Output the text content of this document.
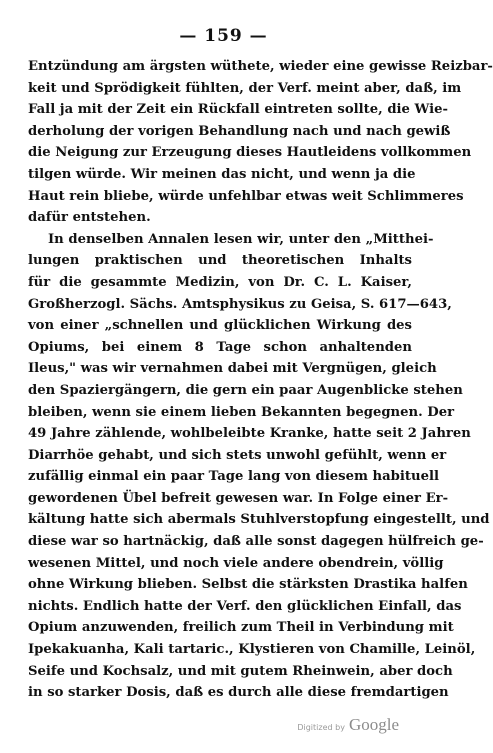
— 159 —
Entzündung am ärgsten wüthete, wieder eine gewisse Reizbar-
keit und Sprödigkeit fühlten, der Verf. meint aber, daß, im
Fall ja mit der Zeit ein Rückfall eintreten sollte, die Wie-
derholung der vorigen Behandlung nach und nach gewiß
die Neigung zur Erzeugung dieses Hautleidens vollkommen
tilgen würde. Wir meinen das nicht, und wenn ja die
Haut rein bliebe, würde unfehlbar etwas weit Schlimmeres
dafür entstehen.
In denselben Annalen lesen wir, unter den „Mitthei-
lungen praktischen und theoretischen Inhalts
für die gesammte Medizin, von Dr. C. L. Kaiser,
Großherzogl. Sächs. Amtsphysikus zu Geisa, S. 617—643,
von einer „schnellen und glücklichen Wirkung des
Opiums, bei einem 8 Tage schon anhaltenden
Ileus," was wir vernahmen dabei mit Vergnügen, gleich
den Spaziergängern, die gern ein paar Augenblicke stehen
bleiben, wenn sie einem lieben Bekannten begegnen. Der
49 Jahre zählende, wohlbeleibte Kranke, hatte seit 2 Jahren
Diarrhöe gehabt, und sich stets unwohl gefühlt, wenn er
zufällig einmal ein paar Tage lang von diesem habituell
gewordenen Übel befreit gewesen war. In Folge einer Er-
kältung hatte sich abermals Stuhlverstopfung eingestellt, und
diese war so hartnäckig, daß alle sonst dagegen hülfreich ge-
wesenen Mittel, und noch viele andere obendrein, völlig
ohne Wirkung blieben. Selbst die stärksten Drastika halfen
nichts. Endlich hatte der Verf. den glücklichen Einfall, das
Opium anzuwenden, freilich zum Theil in Verbindung mit
Ipekakuanha, Kali tartaric., Klystieren von Chamille, Leinöl,
Seife und Kochsalz, und mit gutem Rheinwein, aber doch
in so starker Dosis, daß es durch alle diese fremdartigen
Digitized by Google
